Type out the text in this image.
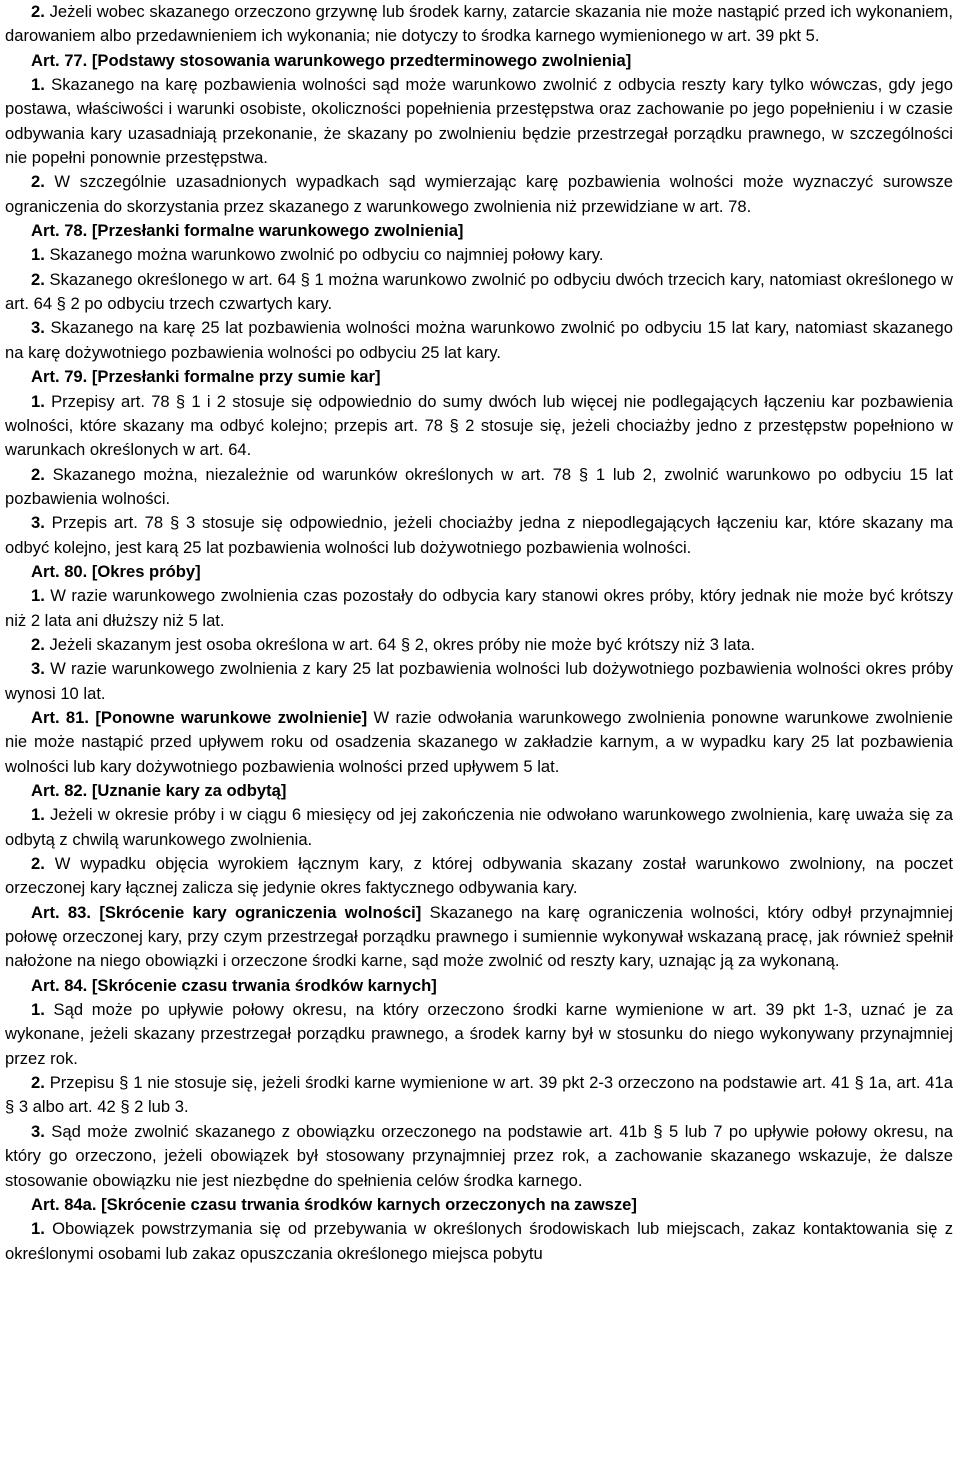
2. Jeżeli wobec skazanego orzeczono grzywnę lub środek karny, zatarcie skazania nie może nastąpić przed ich wykonaniem, darowaniem albo przedawnieniem ich wykonania; nie dotyczy to środka karnego wymienionego w art. 39 pkt 5.

Art. 77. [Podstawy stosowania warunkowego przedterminowego zwolnienia]

1. Skazanego na karę pozbawienia wolności sąd może warunkowo zwolnić z odbycia reszty kary tylko wówczas, gdy jego postawa, właściwości i warunki osobiste, okoliczności popełnienia przestępstwa oraz zachowanie po jego popełnieniu i w czasie odbywania kary uzasadniają przekonanie, że skazany po zwolnieniu będzie przestrzegał porządku prawnego, w szczególności nie popełni ponownie przestępstwa.

2. W szczególnie uzasadnionych wypadkach sąd wymierzając karę pozbawienia wolności może wyznaczyć surowsze ograniczenia do skorzystania przez skazanego z warunkowego zwolnienia niż przewidziane w art. 78.

Art. 78. [Przesłanki formalne warunkowego zwolnienia]

1. Skazanego można warunkowo zwolnić po odbyciu co najmniej połowy kary.

2. Skazanego określonego w art. 64 § 1 można warunkowo zwolnić po odbyciu dwóch trzecich kary, natomiast określonego w art. 64 § 2 po odbyciu trzech czwartych kary.

3. Skazanego na karę 25 lat pozbawienia wolności można warunkowo zwolnić po odbyciu 15 lat kary, natomiast skazanego na karę dożywotniego pozbawienia wolności po odbyciu 25 lat kary.

Art. 79. [Przesłanki formalne przy sumie kar]

1. Przepisy art. 78 § 1 i 2 stosuje się odpowiednio do sumy dwóch lub więcej nie podlegających łączeniu kar pozbawienia wolności, które skazany ma odbyć kolejno; przepis art. 78 § 2 stosuje się, jeżeli chociażby jedno z przestępstw popełniono w warunkach określonych w art. 64.

2. Skazanego można, niezależnie od warunków określonych w art. 78 § 1 lub 2, zwolnić warunkowo po odbyciu 15 lat pozbawienia wolności.

3. Przepis art. 78 § 3 stosuje się odpowiednio, jeżeli chociażby jedna z niepodlegających łączeniu kar, które skazany ma odbyć kolejno, jest karą 25 lat pozbawienia wolności lub dożywotniego pozbawienia wolności.

Art. 80. [Okres próby]

1. W razie warunkowego zwolnienia czas pozostały do odbycia kary stanowi okres próby, który jednak nie może być krótszy niż 2 lata ani dłuższy niż 5 lat.

2. Jeżeli skazanym jest osoba określona w art. 64 § 2, okres próby nie może być krótszy niż 3 lata.

3. W razie warunkowego zwolnienia z kary 25 lat pozbawienia wolności lub dożywotniego pozbawienia wolności okres próby wynosi 10 lat.

Art. 81. [Ponowne warunkowe zwolnienie] W razie odwołania warunkowego zwolnienia ponowne warunkowe zwolnienie nie może nastąpić przed upływem roku od osadzenia skazanego w zakładzie karnym, a w wypadku kary 25 lat pozbawienia wolności lub kary dożywotniego pozbawienia wolności przed upływem 5 lat.

Art. 82. [Uznanie kary za odbytą]

1. Jeżeli w okresie próby i w ciągu 6 miesięcy od jej zakończenia nie odwołano warunkowego zwolnienia, karę uważa się za odbytą z chwilą warunkowego zwolnienia.

2. W wypadku objęcia wyrokiem łącznym kary, z której odbywania skazany został warunkowo zwolniony, na poczet orzeczonej kary łącznej zalicza się jedynie okres faktycznego odbywania kary.

Art. 83. [Skrócenie kary ograniczenia wolności] Skazanego na karę ograniczenia wolności, który odbył przynajmniej połowę orzeczonej kary, przy czym przestrzegał porządku prawnego i sumiennie wykonywał wskazaną pracę, jak również spełnił nałożone na niego obowiązki i orzeczone środki karne, sąd może zwolnić od reszty kary, uznając ją za wykonaną.

Art. 84. [Skrócenie czasu trwania środków karnych]

1. Sąd może po upływie połowy okresu, na który orzeczono środki karne wymienione w art. 39 pkt 1-3, uznać je za wykonane, jeżeli skazany przestrzegał porządku prawnego, a środek karny był w stosunku do niego wykonywany przynajmniej przez rok.

2. Przepisu § 1 nie stosuje się, jeżeli środki karne wymienione w art. 39 pkt 2-3 orzeczono na podstawie art. 41 § 1a, art. 41a § 3 albo art. 42 § 2 lub 3.

3. Sąd może zwolnić skazanego z obowiązku orzeczonego na podstawie art. 41b § 5 lub 7 po upływie połowy okresu, na który go orzeczono, jeżeli obowiązek był stosowany przynajmniej przez rok, a zachowanie skazanego wskazuje, że dalsze stosowanie obowiązku nie jest niezbędne do spełnienia celów środka karnego.

Art. 84a. [Skrócenie czasu trwania środków karnych orzeczonych na zawsze]

1. Obowiązek powstrzymania się od przebywania w określonych środowiskach lub miejscach, zakaz kontaktowania się z określonymi osobami lub zakaz opuszczania określonego miejsca pobytu
